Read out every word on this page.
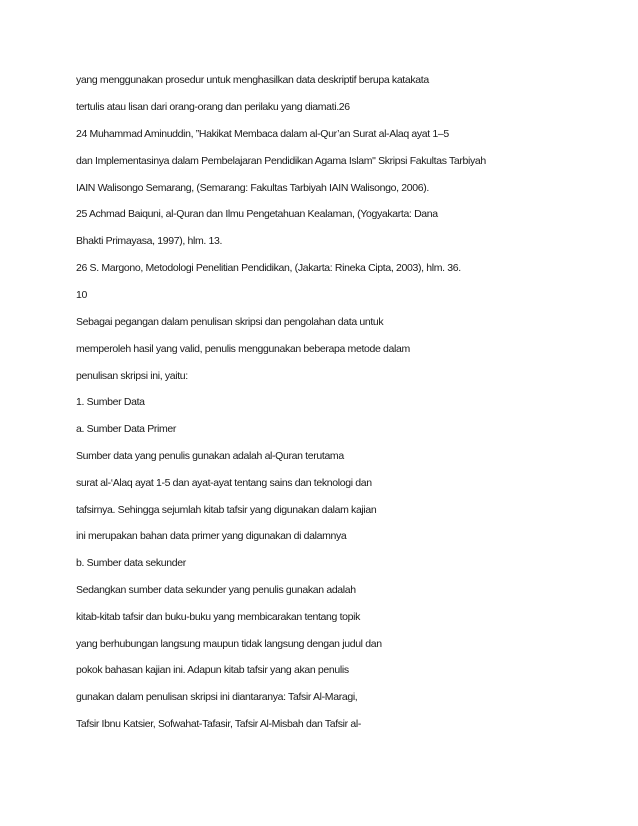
yang menggunakan prosedur untuk menghasilkan data deskriptif berupa katakata
tertulis atau lisan dari orang-orang dan perilaku yang diamati.26
24 Muhammad Aminuddin, ”Hakikat Membaca dalam al-Qur’an Surat al-Alaq ayat 1–5
dan Implementasinya dalam Pembelajaran Pendidikan Agama Islam" Skripsi Fakultas Tarbiyah
IAIN Walisongo Semarang, (Semarang: Fakultas Tarbiyah IAIN Walisongo, 2006).
25 Achmad Baiquni, al-Quran dan Ilmu Pengetahuan Kealaman, (Yogyakarta: Dana
Bhakti Primayasa, 1997), hlm. 13.
26 S. Margono, Metodologi Penelitian Pendidikan, (Jakarta: Rineka Cipta, 2003), hlm. 36.
10
Sebagai pegangan dalam penulisan skripsi dan pengolahan data untuk
memperoleh hasil yang valid, penulis menggunakan beberapa metode dalam
penulisan skripsi ini, yaitu:
1. Sumber Data
a. Sumber Data Primer
Sumber data yang penulis gunakan adalah al-Quran terutama
surat al-‘Alaq ayat 1-5 dan ayat-ayat tentang sains dan teknologi dan
tafsirnya. Sehingga sejumlah kitab tafsir yang digunakan dalam kajian
ini merupakan bahan data primer yang digunakan di dalamnya
b. Sumber data sekunder
Sedangkan sumber data sekunder yang penulis gunakan adalah
kitab-kitab tafsir dan buku-buku yang membicarakan tentang topik
yang berhubungan langsung maupun tidak langsung dengan judul dan
pokok bahasan kajian ini. Adapun kitab tafsir yang akan penulis
gunakan dalam penulisan skripsi ini diantaranya: Tafsir Al-Maragi,
Tafsir Ibnu Katsier, Sofwahat-Tafasir, Tafsir Al-Misbah dan Tafsir al-
